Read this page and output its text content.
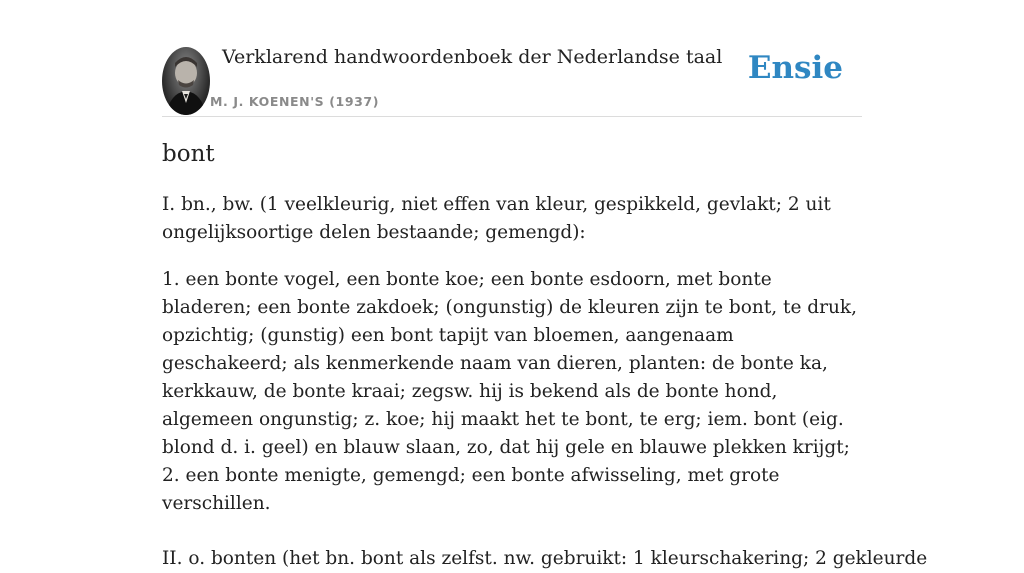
Verklarend handwoordenboek der Nederlandse taal
M. J. KOENEN'S (1937)
Ensie
bont

I. bn., bw. (1 veelkleurig, niet effen van kleur, gespikkeld, gevlakt; 2 uit ongelijksoortige delen bestaande; gemengd):

1. een bonte vogel, een bonte koe; een bonte esdoorn, met bonte bladeren; een bonte zakdoek; (ongunstig) de kleuren zijn te bont, te druk, opzichtig; (gunstig) een bont tapijt van bloemen, aangenaam geschakeerd; als kenmerkende naam van dieren, planten: de bonte ka, kerkkauw, de bonte kraai; zegsw. hij is bekend als de bonte hond, algemeen ongunstig; z. koe; hij maakt het te bont, te erg; iem. bont (eig. blond d. i. geel) en blauw slaan, zo, dat hij gele en blauwe plekken krijgt;
2. een bonte menigte, gemengd; een bonte afwisseling, met grote verschillen.

II. o. bonten (het bn. bont als zelfst. nw. gebruikt: 1 kleurschakering; 2 gekleurde
